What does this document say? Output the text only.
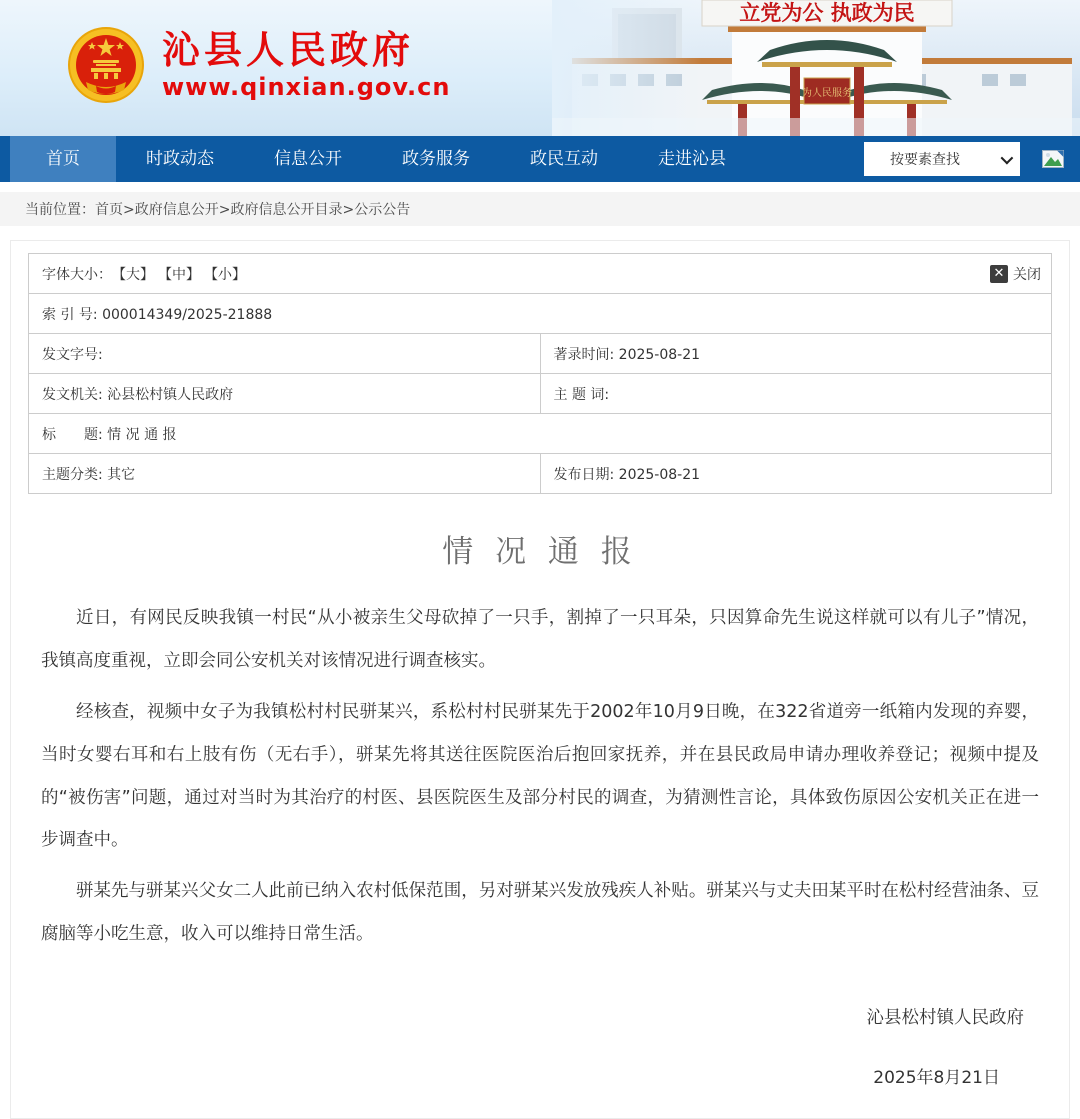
沁县人民政府
www.qinxian.gov.cn
立党为公 执政为民
为人民服务
首页	时政动态	信息公开	政务服务	政民互动	走进沁县	按要素查找
当前位置： 首页>政府信息公开>政府信息公开目录>公示公告
字体大小： 【大】 【中】 【小】	✕ 关闭

索 引 号: 000014349/2025-21888	
发文字号:	著录时间: 2025-08-21
发文机关: 沁县松村镇人民政府	主 题 词:
标　　题: 情 况 通 报	
主题分类: 其它	发布日期: 2025-08-21
情 况 通 报

近日，有网民反映我镇一村民“从小被亲生父母砍掉了一只手，割掉了一只耳朵，只因算命先生说这样就可以有儿子”情况，我镇高度重视，立即会同公安机关对该情况进行调查核实。

经核查，视频中女子为我镇松村村民骈某兴，系松村村民骈某先于2002年10月9日晚，在322省道旁一纸箱内发现的弃婴，当时女婴右耳和右上肢有伤（无右手），骈某先将其送往医院医治后抱回家抚养，并在县民政局申请办理收养登记；视频中提及的“被伤害”问题，通过对当时为其治疗的村医、县医院医生及部分村民的调查，为猜测性言论，具体致伤原因公安机关正在进一步调查中。

骈某先与骈某兴父女二人此前已纳入农村低保范围，另对骈某兴发放残疾人补贴。骈某兴与丈夫田某平时在松村经营油条、豆腐脑等小吃生意，收入可以维持日常生活。

沁县松村镇人民政府
2025年8月21日
